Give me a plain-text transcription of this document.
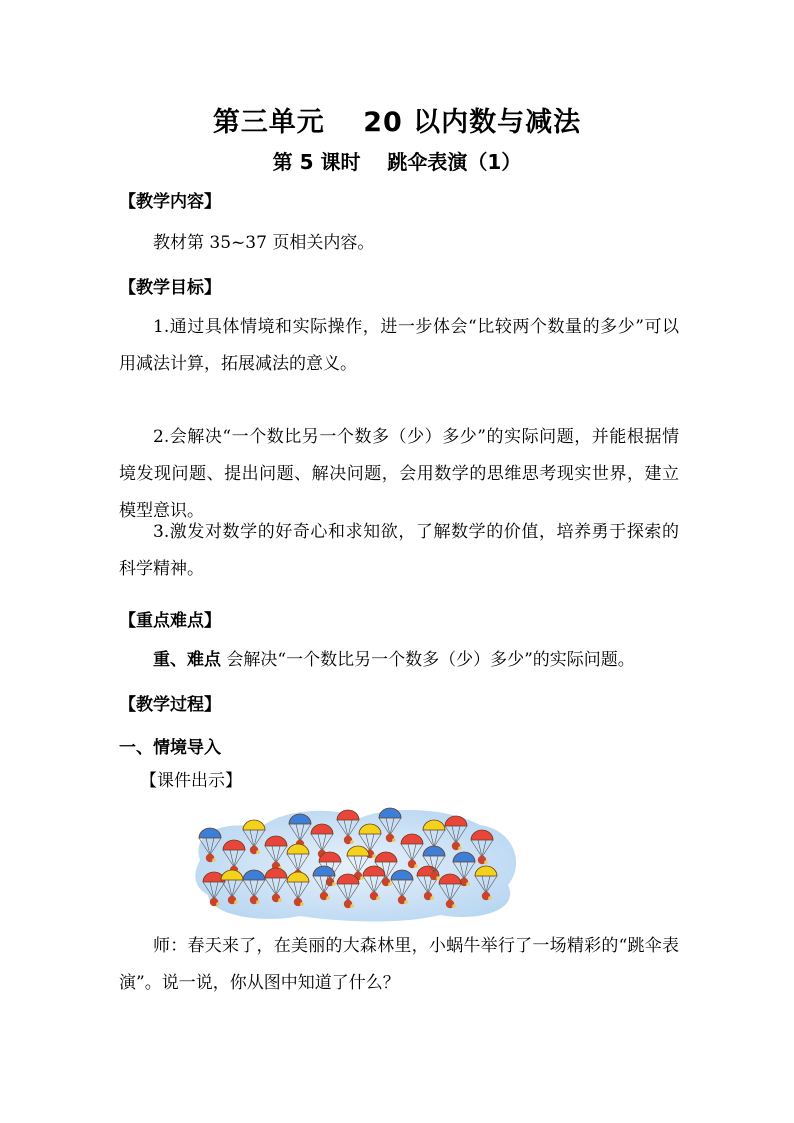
第三单元　 20 以内数与减法
第 5 课时　 跳伞表演（1）
【教学内容】
教材第 35~37 页相关内容。
【教学目标】
1.通过具体情境和实际操作，进一步体会“比较两个数量的多少”可以用减法计算，拓展减法的意义。
2.会解决“一个数比另一个数多（少）多少”的实际问题，并能根据情境发现问题、提出问题、解决问题，会用数学的思维思考现实世界，建立模型意识。
3.激发对数学的好奇心和求知欲，了解数学的价值，培养勇于探索的科学精神。
【重点难点】
重、难点 会解决“一个数比另一个数多（少）多少”的实际问题。
【教学过程】
一、情境导入
【课件出示】
师：春天来了，在美丽的大森林里，小蜗牛举行了一场精彩的“跳伞表演”。说一说，你从图中知道了什么？
